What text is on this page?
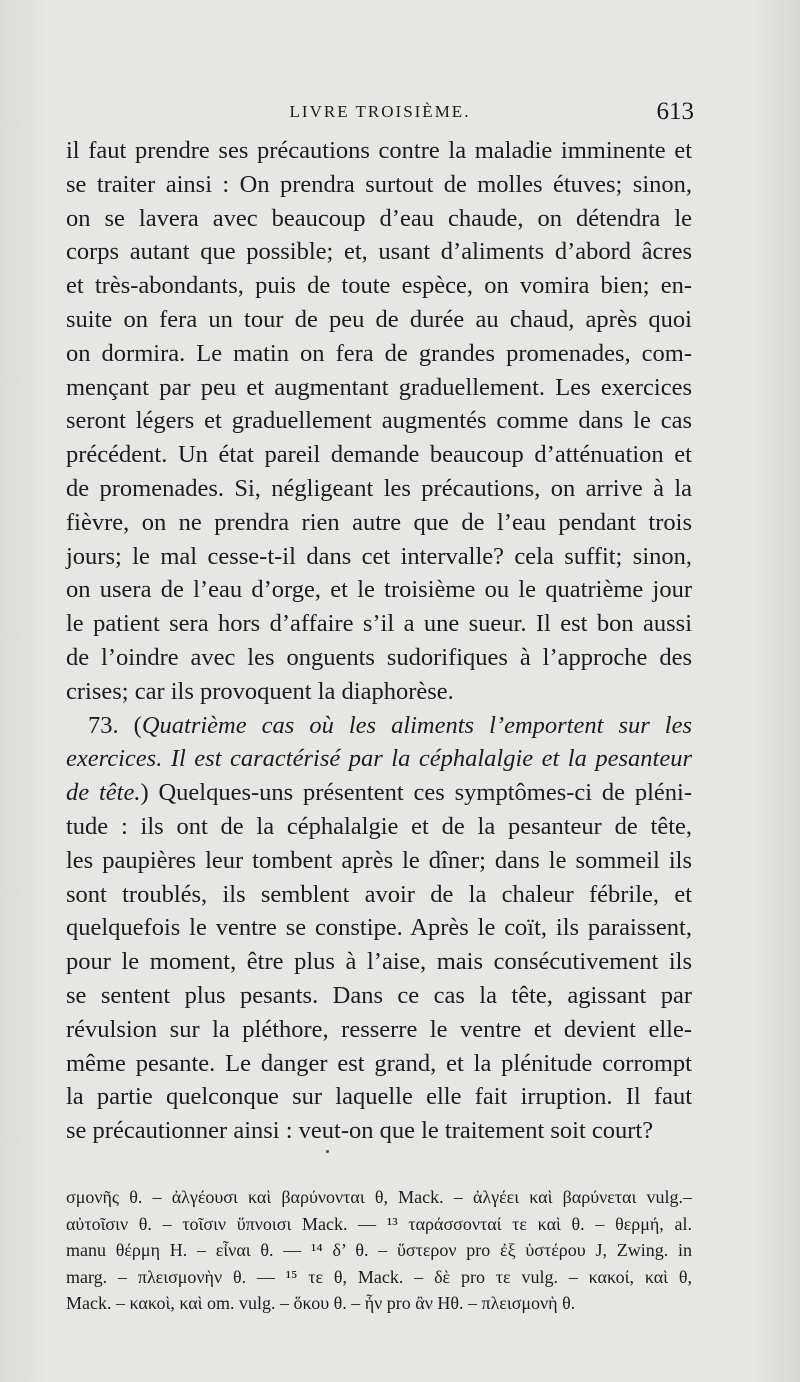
LIVRE TROISIÈME.	613
il faut prendre ses précautions contre la maladie imminente et
se traiter ainsi : On prendra surtout de molles étuves; sinon,
on se lavera avec beaucoup d’eau chaude, on détendra le
corps autant que possible; et, usant d’aliments d’abord âcres
et très-abondants, puis de toute espèce, on vomira bien; en-
suite on fera un tour de peu de durée au chaud, après quoi
on dormira. Le matin on fera de grandes promenades, com-
mençant par peu et augmentant graduellement. Les exercices
seront légers et graduellement augmentés comme dans le cas
précédent. Un état pareil demande beaucoup d’atténuation et
de promenades. Si, négligeant les précautions, on arrive à la
fièvre, on ne prendra rien autre que de l’eau pendant trois
jours; le mal cesse-t-il dans cet intervalle? cela suffit; sinon,
on usera de l’eau d’orge, et le troisième ou le quatrième jour
le patient sera hors d’affaire s’il a une sueur. Il est bon aussi
de l’oindre avec les onguents sudorifiques à l’approche des
crises; car ils provoquent la diaphorèse.
73. (Quatrième cas où les aliments l’emportent sur les
exercices. Il est caractérisé par la céphalalgie et la pesanteur
de tête.) Quelques-uns présentent ces symptômes-ci de pléni-
tude : ils ont de la céphalalgie et de la pesanteur de tête,
les paupières leur tombent après le dîner; dans le sommeil ils
sont troublés, ils semblent avoir de la chaleur fébrile, et
quelquefois le ventre se constipe. Après le coït, ils paraissent,
pour le moment, être plus à l’aise, mais consécutivement ils
se sentent plus pesants. Dans ce cas la tête, agissant par
révulsion sur la pléthore, resserre le ventre et devient elle-
même pesante. Le danger est grand, et la plénitude corrompt
la partie quelconque sur laquelle elle fait irruption. Il faut
se précautionner ainsi : veut-on que le traitement soit court?
σμονῆς θ. – ἀλγέουσι καὶ βαρύνονται θ, Mack. – ἀλγέει καὶ βαρύνεται vulg.–
αὐτοῖσιν θ. – τοῖσιν ὕπνοισι Mack. — ¹³ ταράσσονταί τε καὶ θ. – θερμή, al.
manu θέρμη H. – εἶναι θ. — ¹⁴ δ’ θ. – ὕστερον pro ἐξ ὑστέρου J, Zwing. in
marg. – πλεισμονὴν θ. — ¹⁵ τε θ, Mack. – δὲ pro τε vulg. – κακοί, καὶ θ,
Mack. – κακοὶ, καὶ om. vulg. – ὅκου θ. – ἦν pro ἂν Hθ. – πλεισμονὴ θ.
